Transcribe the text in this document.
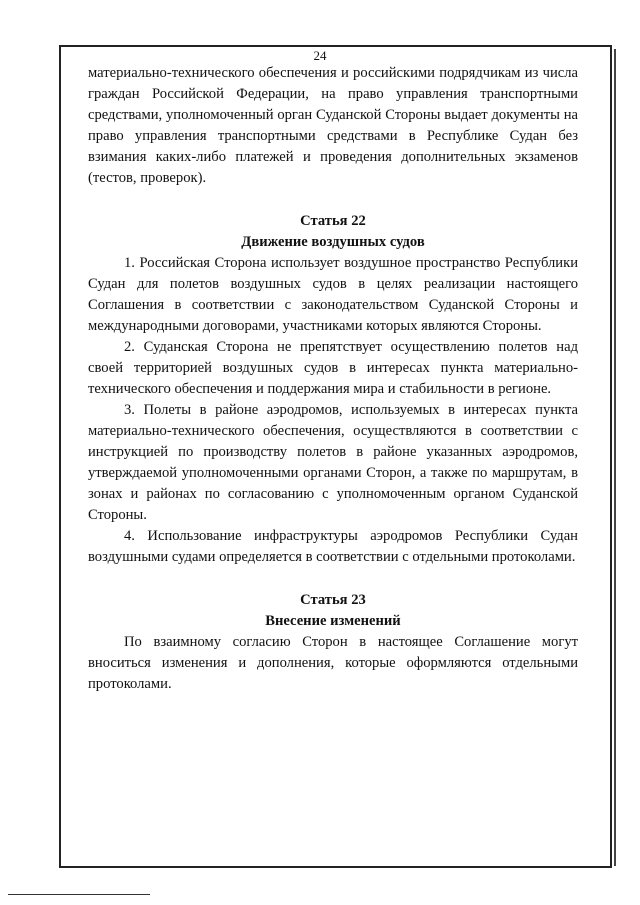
24

материально-технического обеспечения и российскими подрядчикам из числа граждан Российской Федерации, на право управления транспортными средствами, уполномоченный орган Суданской Стороны выдает документы на право управления транспортными средствами в Республике Судан без взимания каких-либо платежей и проведения дополнительных экзаменов (тестов, проверок).

Статья 22
Движение воздушных судов

1. Российская Сторона использует воздушное пространство Республики Судан для полетов воздушных судов в целях реализации настоящего Соглашения в соответствии с законодательством Суданской Стороны и международными договорами, участниками которых являются Стороны.

2. Суданская Сторона не препятствует осуществлению полетов над своей территорией воздушных судов в интересах пункта материально-технического обеспечения и поддержания мира и стабильности в регионе.

3. Полеты в районе аэродромов, используемых в интересах пункта материально-технического обеспечения, осуществляются в соответствии с инструкцией по производству полетов в районе указанных аэродромов, утверждаемой уполномоченными органами Сторон, а также по маршрутам, в зонах и районах по согласованию с уполномоченным органом Суданской Стороны.

4. Использование инфраструктуры аэродромов Республики Судан воздушными судами определяется в соответствии с отдельными протоколами.

Статья 23
Внесение изменений

По взаимному согласию Сторон в настоящее Соглашение могут вноситься изменения и дополнения, которые оформляются отдельными протоколами.
